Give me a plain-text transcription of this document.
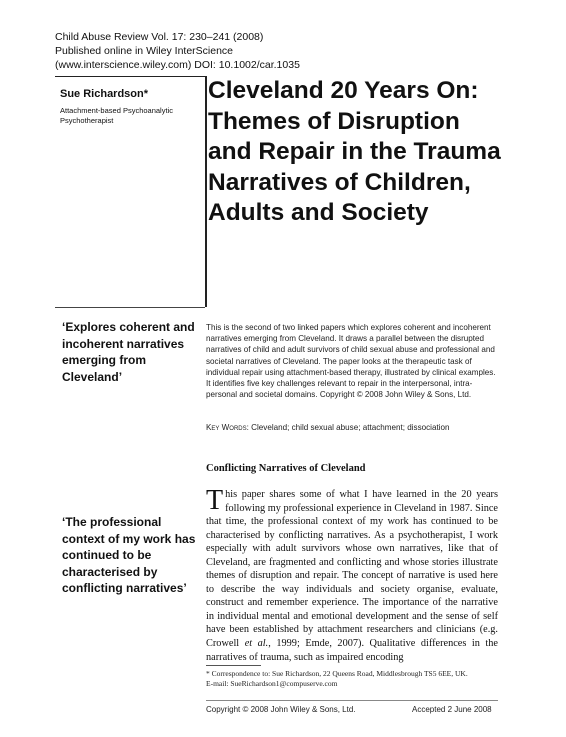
Child Abuse Review Vol. 17: 230–241 (2008)
Published online in Wiley InterScience
(www.interscience.wiley.com) DOI: 10.1002/car.1035
Sue Richardson*
Attachment-based Psychoanalytic Psychotherapist
Cleveland 20 Years On: Themes of Disruption and Repair in the Trauma Narratives of Children, Adults and Society
‘Explores coherent and incoherent narratives emerging from Cleveland’
‘The professional context of my work has continued to be characterised by conflicting narratives’
This is the second of two linked papers which explores coherent and incoherent narratives emerging from Cleveland. It draws a parallel between the disrupted narratives of child and adult survivors of child sexual abuse and professional and societal narratives of Cleveland. The paper looks at the therapeutic task of individual repair using attachment-based therapy, illustrated by clinical examples. It identifies five key challenges relevant to repair in the interpersonal, intra-personal and societal domains. Copyright © 2008 John Wiley & Sons, Ltd.
Key Words: Cleveland; child sexual abuse; attachment; dissociation
Conflicting Narratives of Cleveland
This paper shares some of what I have learned in the 20 years following my professional experience in Cleveland in 1987. Since that time, the professional context of my work has continued to be characterised by conflicting narratives. As a psychotherapist, I work especially with adult survivors whose own narratives, like that of Cleveland, are fragmented and conflicting and whose stories illustrate themes of disruption and repair. The concept of narrative is used here to describe the way individuals and society organise, evaluate, construct and remember experience. The importance of the narrative in individual mental and emotional development and the sense of self have been established by attachment researchers and clinicians (e.g. Crowell et al., 1999; Emde, 2007). Qualitative differences in the narratives of trauma, such as impaired encoding
* Correspondence to: Sue Richardson, 22 Queens Road, Middlesbrough TS5 6EE, UK.
E-mail: SueRichardson1@compuserve.com
Copyright © 2008 John Wiley & Sons, Ltd.	Accepted 2 June 2008
